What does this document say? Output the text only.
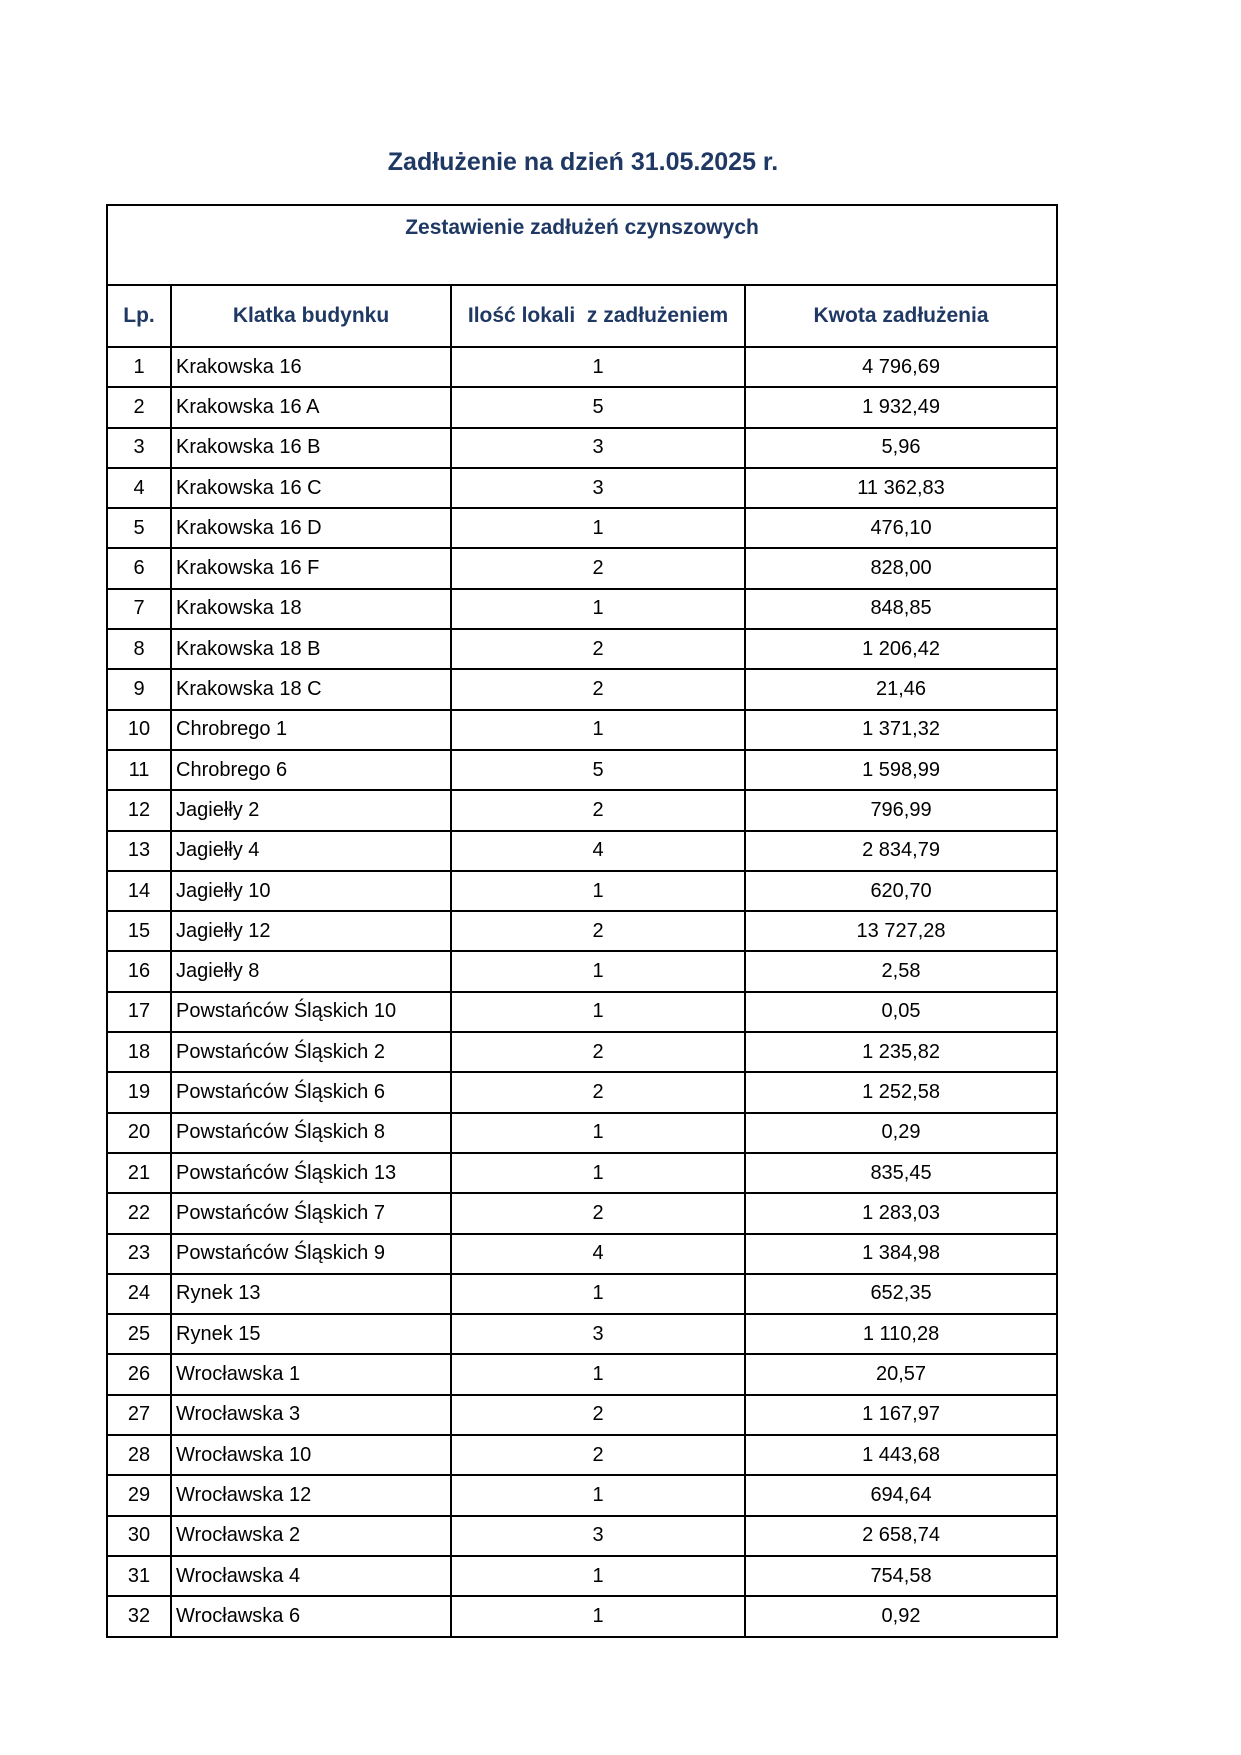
Zadłużenie na dzień 31.05.2025 r.
Zestawienie zadłużeń czynszowych			
Lp.	Klatka budynku	Ilość lokali  z zadłużeniem	Kwota zadłużenia
1	Krakowska 16	1	4 796,69
2	Krakowska 16 A	5	1 932,49
3	Krakowska 16 B	3	5,96
4	Krakowska 16 C	3	11 362,83
5	Krakowska 16 D	1	476,10
6	Krakowska 16 F	2	828,00
7	Krakowska 18	1	848,85
8	Krakowska 18 B	2	1 206,42
9	Krakowska 18 C	2	21,46
10	Chrobrego 1	1	1 371,32
11	Chrobrego 6	5	1 598,99
12	Jagiełły 2	2	796,99
13	Jagiełły 4	4	2 834,79
14	Jagiełły 10	1	620,70
15	Jagiełły 12	2	13 727,28
16	Jagiełły 8	1	2,58
17	Powstańców Śląskich 10	1	0,05
18	Powstańców Śląskich 2	2	1 235,82
19	Powstańców Śląskich 6	2	1 252,58
20	Powstańców Śląskich 8	1	0,29
21	Powstańców Śląskich 13	1	835,45
22	Powstańców Śląskich 7	2	1 283,03
23	Powstańców Śląskich 9	4	1 384,98
24	Rynek 13	1	652,35
25	Rynek 15	3	1 110,28
26	Wrocławska 1	1	20,57
27	Wrocławska 3	2	1 167,97
28	Wrocławska 10	2	1 443,68
29	Wrocławska 12	1	694,64
30	Wrocławska 2	3	2 658,74
31	Wrocławska 4	1	754,58
32	Wrocławska 6	1	0,92
